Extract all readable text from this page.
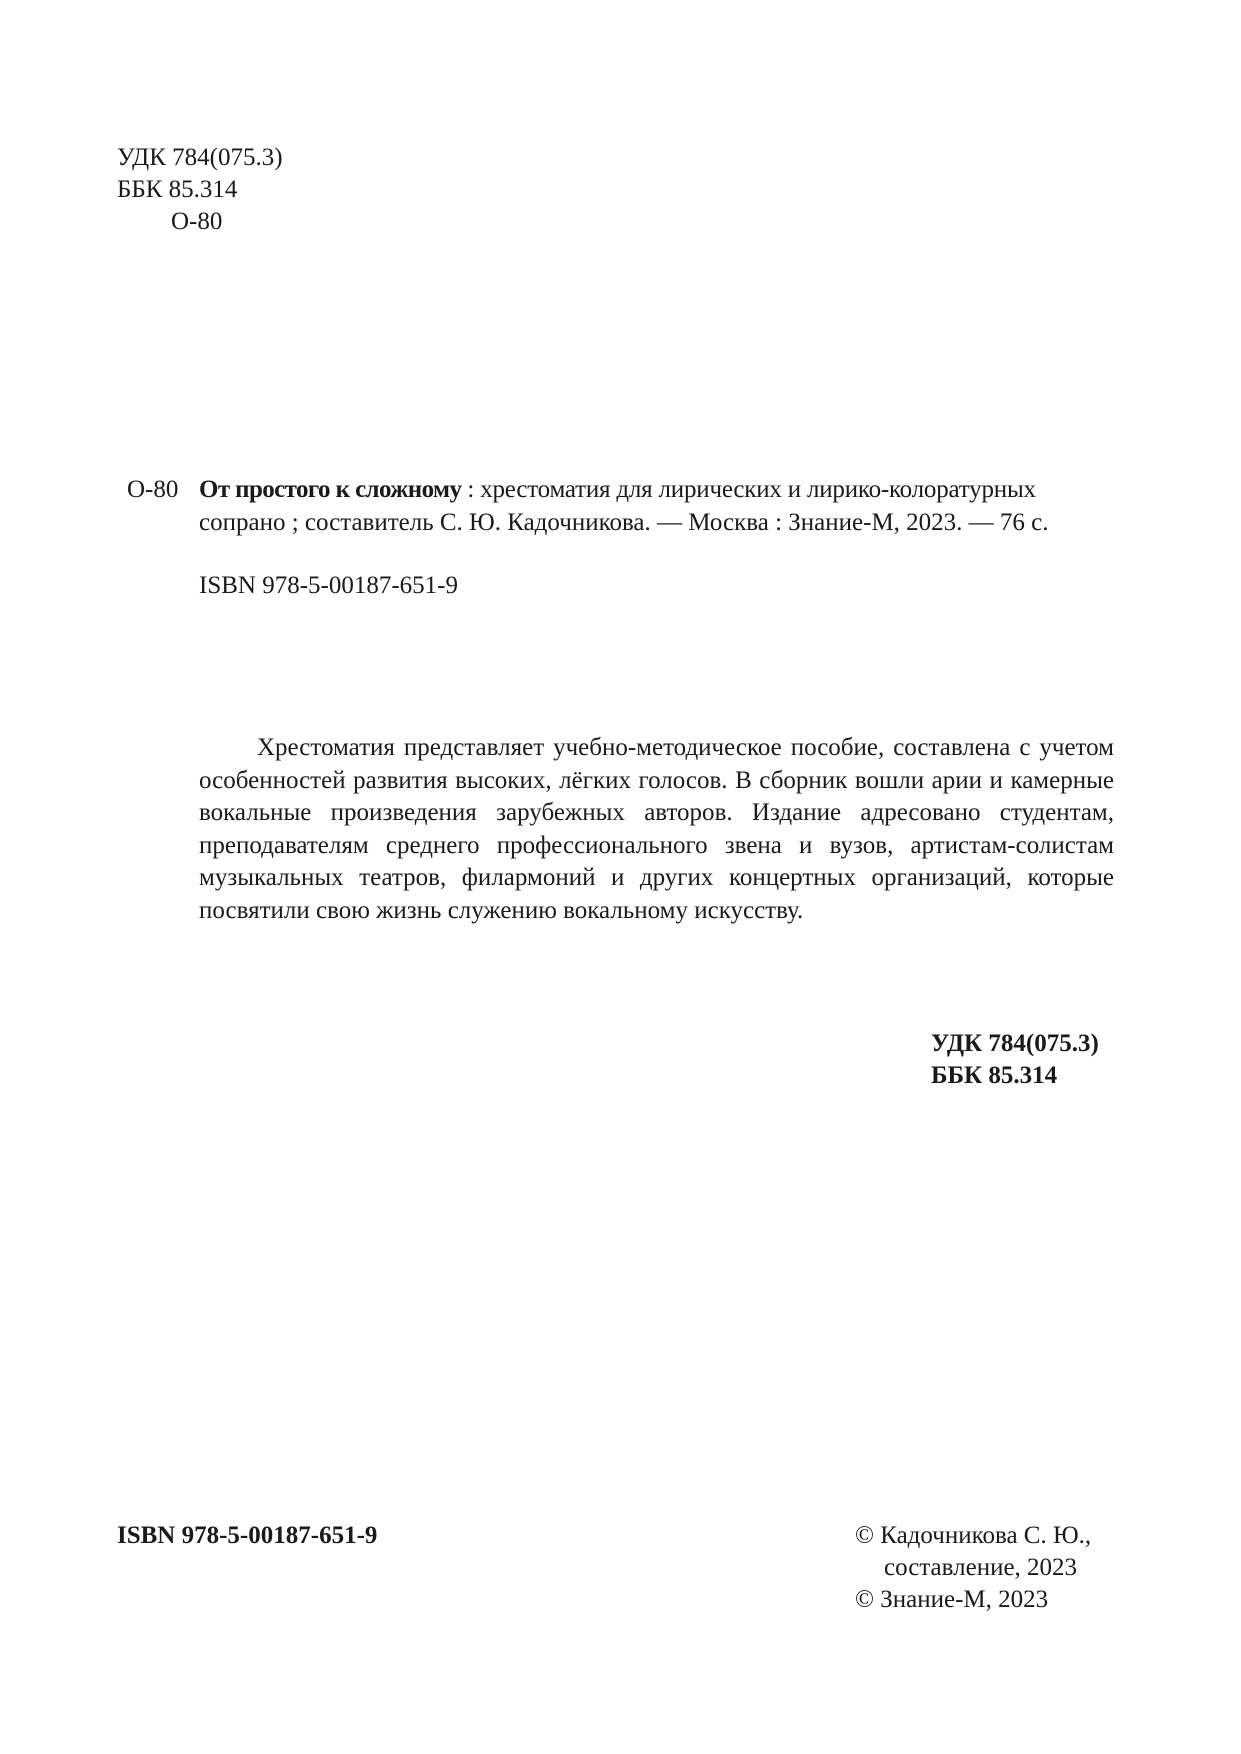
УДК 784(075.3)
ББК 85.314
О-80
О-80 От простого к сложному : хрестоматия для лирических и лирико-колоратурных
сопрано ; составитель С. Ю. Кадочникова. — Москва : Знание-М, 2023. — 76 с.
ISBN 978-5-00187-651-9

Хрестоматия представляет учебно-методическое пособие, составлена с учетом особенностей развития высоких, лёгких голосов. В сборник вошли арии и камерные вокальные произведения зарубежных авторов. Издание адресовано студентам, преподавателям среднего профессионального звена и вузов, артистам-солистам музыкальных театров, филармоний и других концертных организаций, которые посвятили свою жизнь служению вокальному искусству.

УДК 784(075.3)
ББК 85.314
ISBN 978-5-00187-651-9	© Кадочникова С. Ю.,
составление, 2023
© Знание-М, 2023
